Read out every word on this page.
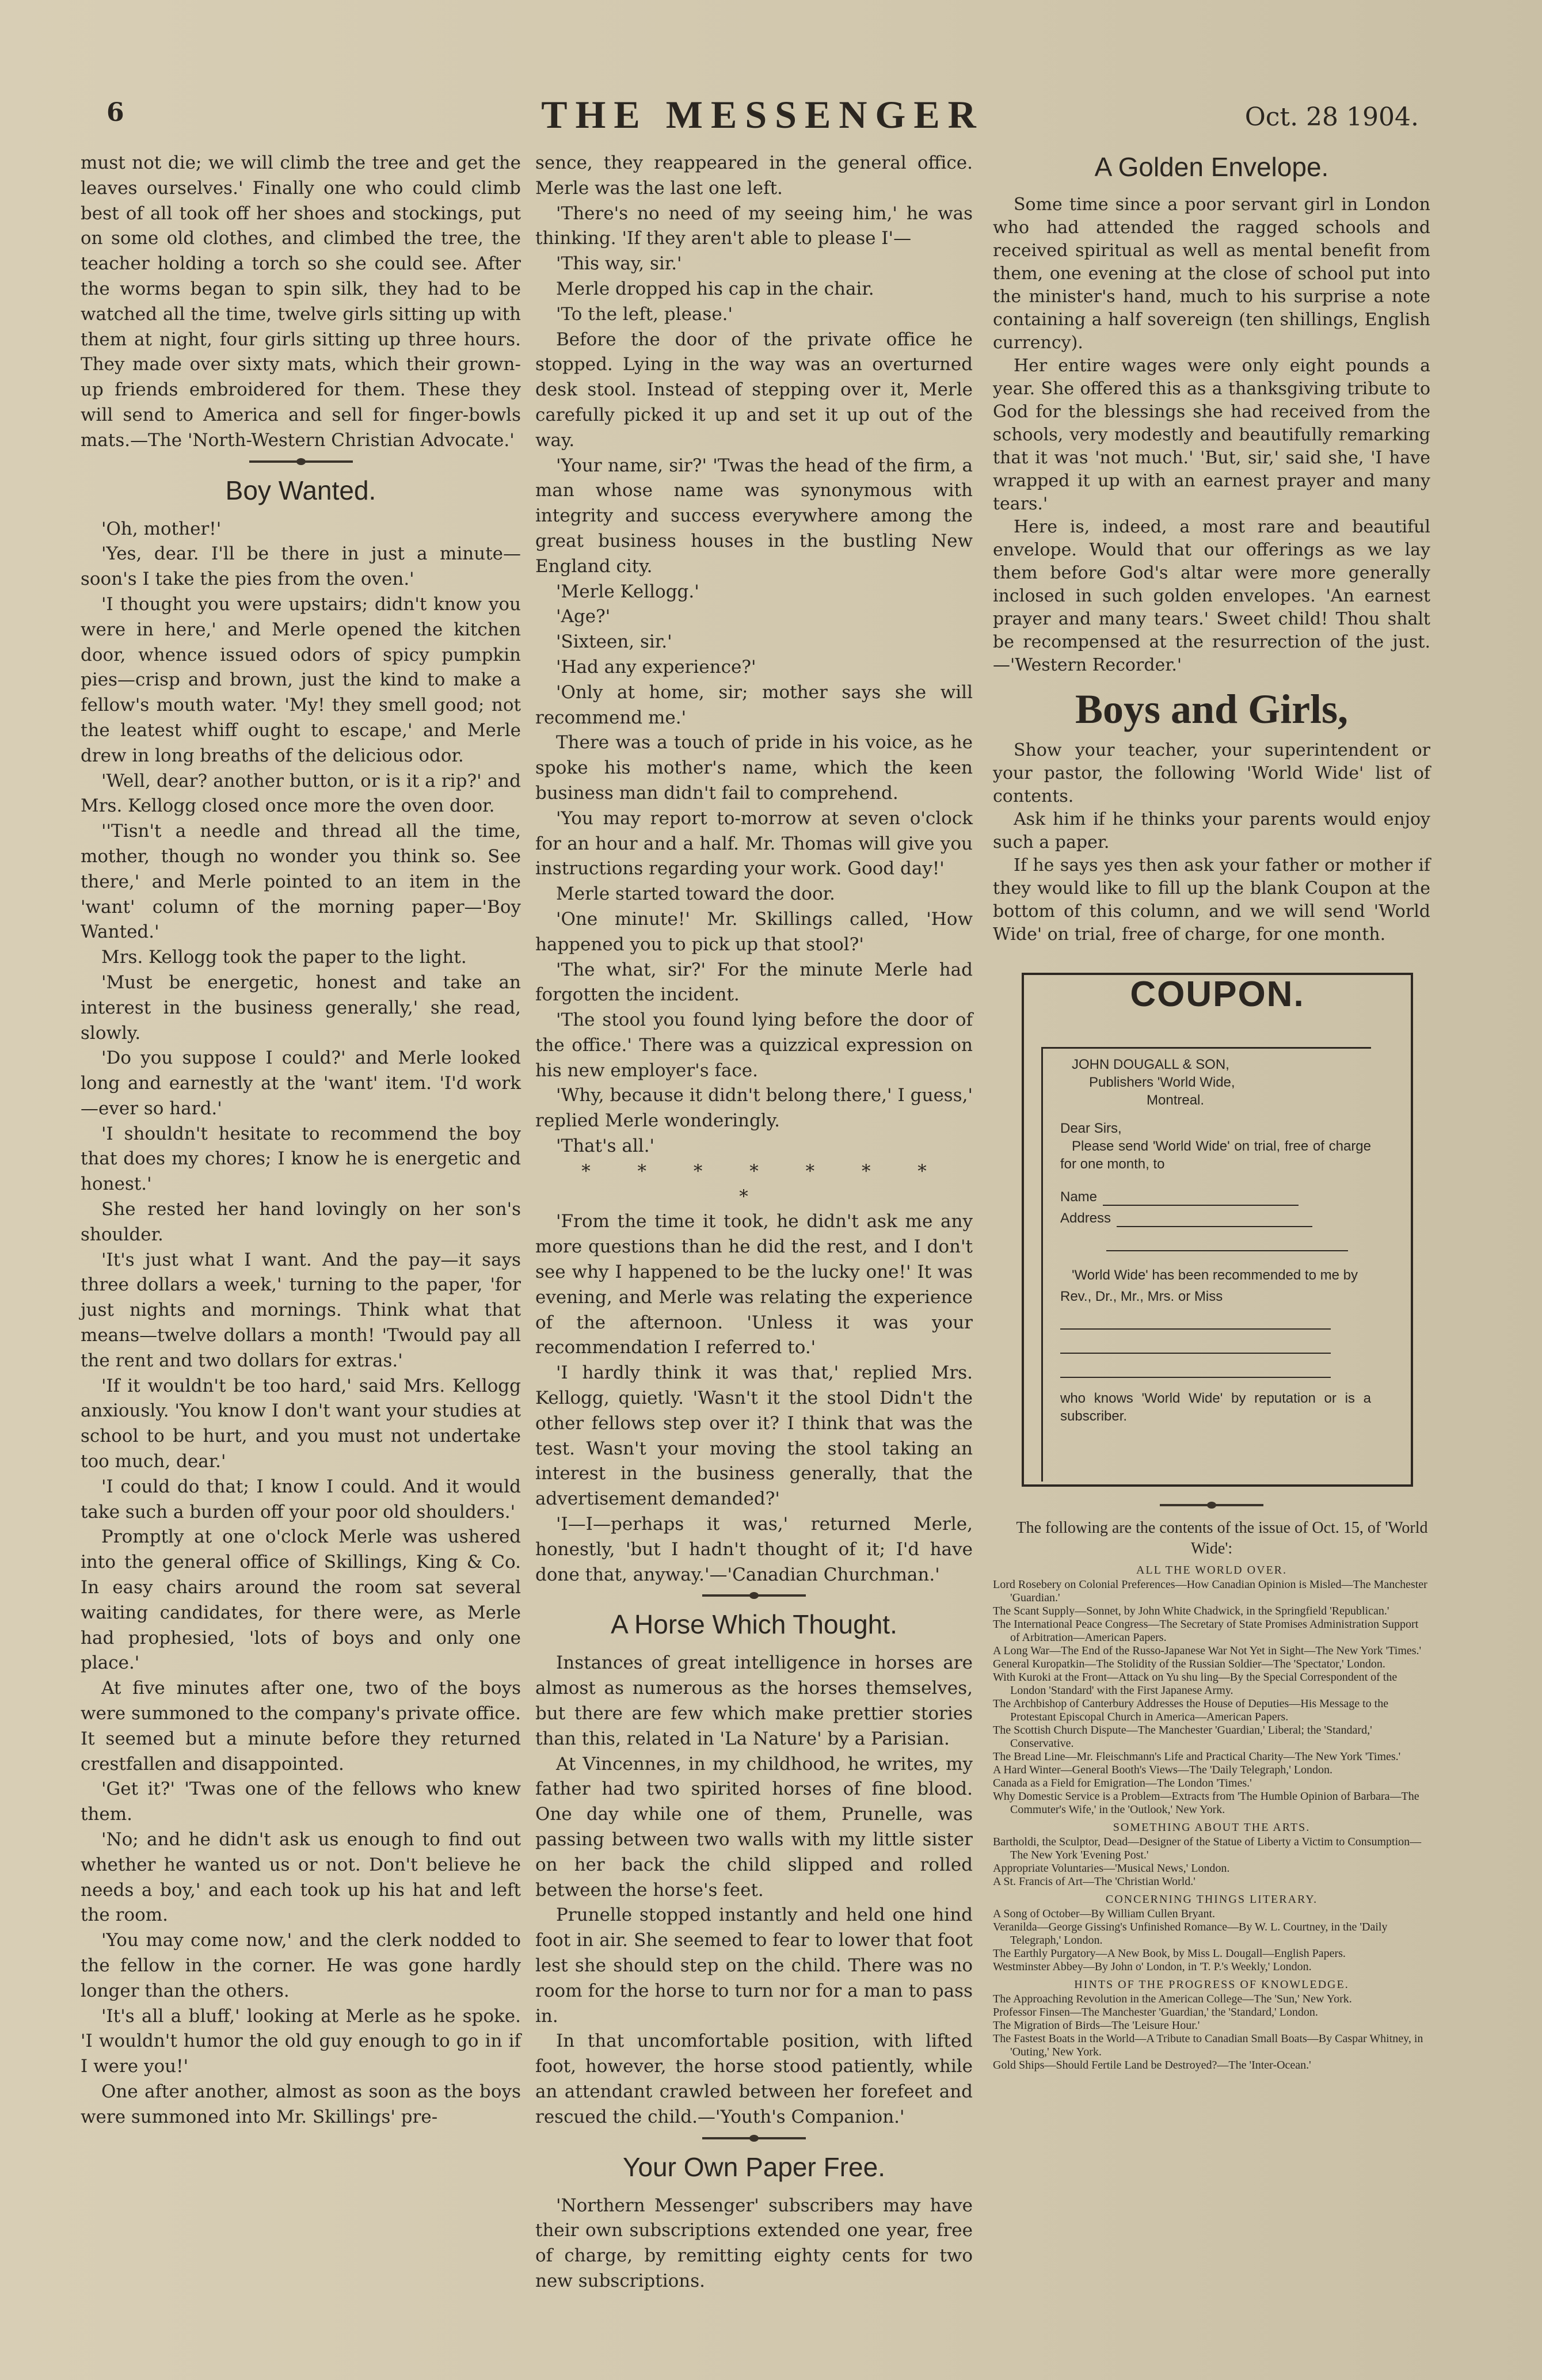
6	THE MESSENGER	Oct. 28 1904.

must not die; we will climb the tree and get the leaves ourselves.' Finally one who could climb best of all took off her shoes and stockings, put on some old clothes, and climbed the tree, the teacher holding a torch so she could see. After the worms began to spin silk, they had to be watched all the time, twelve girls sitting up with them at night, four girls sitting up three hours. They made over sixty mats, which their grown-up friends embroidered for them. These they will send to America and sell for finger-bowls mats.—The 'North-Western Christian Advocate.'

Boy Wanted.

'Oh, mother!'

'Yes, dear. I'll be there in just a minute—soon's I take the pies from the oven.'

'I thought you were upstairs; didn't know you were in here,' and Merle opened the kitchen door, whence issued odors of spicy pumpkin pies—crisp and brown, just the kind to make a fellow's mouth water. 'My! they smell good; not the leatest whiff ought to escape,' and Merle drew in long breaths of the delicious odor.

'Well, dear? another button, or is it a rip?' and Mrs. Kellogg closed once more the oven door.

''Tisn't a needle and thread all the time, mother, though no wonder you think so. See there,' and Merle pointed to an item in the 'want' column of the morning paper—'Boy Wanted.'

Mrs. Kellogg took the paper to the light.

'Must be energetic, honest and take an interest in the business generally,' she read, slowly.

'Do you suppose I could?' and Merle looked long and earnestly at the 'want' item. 'I'd work—ever so hard.'

'I shouldn't hesitate to recommend the boy that does my chores; I know he is energetic and honest.'

She rested her hand lovingly on her son's shoulder.

'It's just what I want. And the pay—it says three dollars a week,' turning to the paper, 'for just nights and mornings. Think what that means—twelve dollars a month! 'Twould pay all the rent and two dollars for extras.'

'If it wouldn't be too hard,' said Mrs. Kellogg anxiously. 'You know I don't want your studies at school to be hurt, and you must not undertake too much, dear.'

'I could do that; I know I could. And it would take such a burden off your poor old shoulders.'

Promptly at one o'clock Merle was ushered into the general office of Skillings, King & Co. In easy chairs around the room sat several waiting candidates, for there were, as Merle had prophesied, 'lots of boys and only one place.'

At five minutes after one, two of the boys were summoned to the company's private office. It seemed but a minute before they returned crestfallen and disappointed.

'Get it?' 'Twas one of the fellows who knew them.

'No; and he didn't ask us enough to find out whether he wanted us or not. Don't believe he needs a boy,' and each took up his hat and left the room.

'You may come now,' and the clerk nodded to the fellow in the corner. He was gone hardly longer than the others.

'It's all a bluff,' looking at Merle as he spoke. 'I wouldn't humor the old guy enough to go in if I were you!'

One after another, almost as soon as the boys were summoned into Mr. Skillings' pre-

sence, they reappeared in the general office. Merle was the last one left.

'There's no need of my seeing him,' he was thinking. 'If they aren't able to please I'—

'This way, sir.'

Merle dropped his cap in the chair.

'To the left, please.'

Before the door of the private office he stopped. Lying in the way was an overturned desk stool. Instead of stepping over it, Merle carefully picked it up and set it up out of the way.

'Your name, sir?' 'Twas the head of the firm, a man whose name was synonymous with integrity and success everywhere among the great business houses in the bustling New England city.

'Merle Kellogg.'

'Age?'

'Sixteen, sir.'

'Had any experience?'

'Only at home, sir; mother says she will recommend me.'

There was a touch of pride in his voice, as he spoke his mother's name, which the keen business man didn't fail to comprehend.

'You may report to-morrow at seven o'clock for an hour and a half. Mr. Thomas will give you instructions regarding your work. Good day!'

Merle started toward the door.

'One minute!' Mr. Skillings called, 'How happened you to pick up that stool?'

'The what, sir?' For the minute Merle had forgotten the incident.

'The stool you found lying before the door of the office.' There was a quizzical expression on his new employer's face.

'Why, because it didn't belong there,' I guess,' replied Merle wonderingly.

'That's all.'

* * * * * * * *

'From the time it took, he didn't ask me any more questions than he did the rest, and I don't see why I happened to be the lucky one!' It was evening, and Merle was relating the experience of the afternoon. 'Unless it was your recommendation I referred to.'

'I hardly think it was that,' replied Mrs. Kellogg, quietly. 'Wasn't it the stool Didn't the other fellows step over it? I think that was the test. Wasn't your moving the stool taking an interest in the business generally, that the advertisement demanded?'

'I—I—perhaps it was,' returned Merle, honestly, 'but I hadn't thought of it; I'd have done that, anyway.'—'Canadian Churchman.'

A Horse Which Thought.

Instances of great intelligence in horses are almost as numerous as the horses themselves, but there are few which make prettier stories than this, related in 'La Nature' by a Parisian.

At Vincennes, in my childhood, he writes, my father had two spirited horses of fine blood. One day while one of them, Prunelle, was passing between two walls with my little sister on her back the child slipped and rolled between the horse's feet.

Prunelle stopped instantly and held one hind foot in air. She seemed to fear to lower that foot lest she should step on the child. There was no room for the horse to turn nor for a man to pass in.

In that uncomfortable position, with lifted foot, however, the horse stood patiently, while an attendant crawled between her forefeet and rescued the child.—'Youth's Companion.'

Your Own Paper Free.

'Northern Messenger' subscribers may have their own subscriptions extended one year, free of charge, by remitting eighty cents for two new subscriptions.

A Golden Envelope.

Some time since a poor servant girl in London who had attended the ragged schools and received spiritual as well as mental benefit from them, one evening at the close of school put into the minister's hand, much to his surprise a note containing a half sovereign (ten shillings, English currency).

Her entire wages were only eight pounds a year. She offered this as a thanksgiving tribute to God for the blessings she had received from the schools, very modestly and beautifully remarking that it was 'not much.' 'But, sir,' said she, 'I have wrapped it up with an earnest prayer and many tears.'

Here is, indeed, a most rare and beautiful envelope. Would that our offerings as we lay them before God's altar were more generally inclosed in such golden envelopes. 'An earnest prayer and many tears.' Sweet child! Thou shalt be recompensed at the resurrection of the just.—'Western Recorder.'

Boys and Girls,

Show your teacher, your superintendent or your pastor, the following 'World Wide' list of contents.

Ask him if he thinks your parents would enjoy such a paper.

If he says yes then ask your father or mother if they would like to fill up the blank Coupon at the bottom of this column, and we will send 'World Wide' on trial, free of charge, for one month.

COUPON.
JOHN DOUGALL & SON,
Publishers 'World Wide,
Montreal.
Dear Sirs,
Please send 'World Wide' on trial, free of charge for one month, to
Name
Address
'World Wide' has been recommended to me by
Rev., Dr., Mr., Mrs. or Miss
who knows 'World Wide' by reputation or is a subscriber.

The following are the contents of the issue of Oct. 15, of 'World Wide':

ALL THE WORLD OVER.
Lord Rosebery on Colonial Preferences—How Canadian Opinion is Misled—The Manchester 'Guardian.'
The Scant Supply—Sonnet, by John White Chadwick, in the Springfield 'Republican.'
The International Peace Congress—The Secretary of State Promises Administration Support of Arbitration—American Papers.
A Long War—The End of the Russo-Japanese War Not Yet in Sight—The New York 'Times.'
General Kuropatkin—The Stolidity of the Russian Soldier—The 'Spectator,' London.
With Kuroki at the Front—Attack on Yu shu ling—By the Special Correspondent of the London 'Standard' with the First Japanese Army.
The Archbishop of Canterbury Addresses the House of Deputies—His Message to the Protestant Episcopal Church in America—American Papers.
The Scottish Church Dispute—The Manchester 'Guardian,' Liberal; the 'Standard,' Conservative.
The Bread Line—Mr. Fleischmann's Life and Practical Charity—The New York 'Times.'
A Hard Winter—General Booth's Views—The 'Daily Telegraph,' London.
Canada as a Field for Emigration—The London 'Times.'
Why Domestic Service is a Problem—Extracts from 'The Humble Opinion of Barbara—The Commuter's Wife,' in the 'Outlook,' New York.
SOMETHING ABOUT THE ARTS.
Bartholdi, the Sculptor, Dead—Designer of the Statue of Liberty a Victim to Consumption—The New York 'Evening Post.'
Appropriate Voluntaries—'Musical News,' London.
A St. Francis of Art—The 'Christian World.'
CONCERNING THINGS LITERARY.
A Song of October—By William Cullen Bryant.
Veranilda—George Gissing's Unfinished Romance—By W. L. Courtney, in the 'Daily Telegraph,' London.
The Earthly Purgatory—A New Book, by Miss L. Dougall—English Papers.
Westminster Abbey—By John o' London, in 'T. P.'s Weekly,' London.
HINTS OF THE PROGRESS OF KNOWLEDGE.
The Approaching Revolution in the American College—The 'Sun,' New York.
Professor Finsen—The Manchester 'Guardian,' the 'Standard,' London.
The Migration of Birds—The 'Leisure Hour.'
The Fastest Boats in the World—A Tribute to Canadian Small Boats—By Caspar Whitney, in 'Outing,' New York.
Gold Ships—Should Fertile Land be Destroyed?—The 'Inter-Ocean.'
